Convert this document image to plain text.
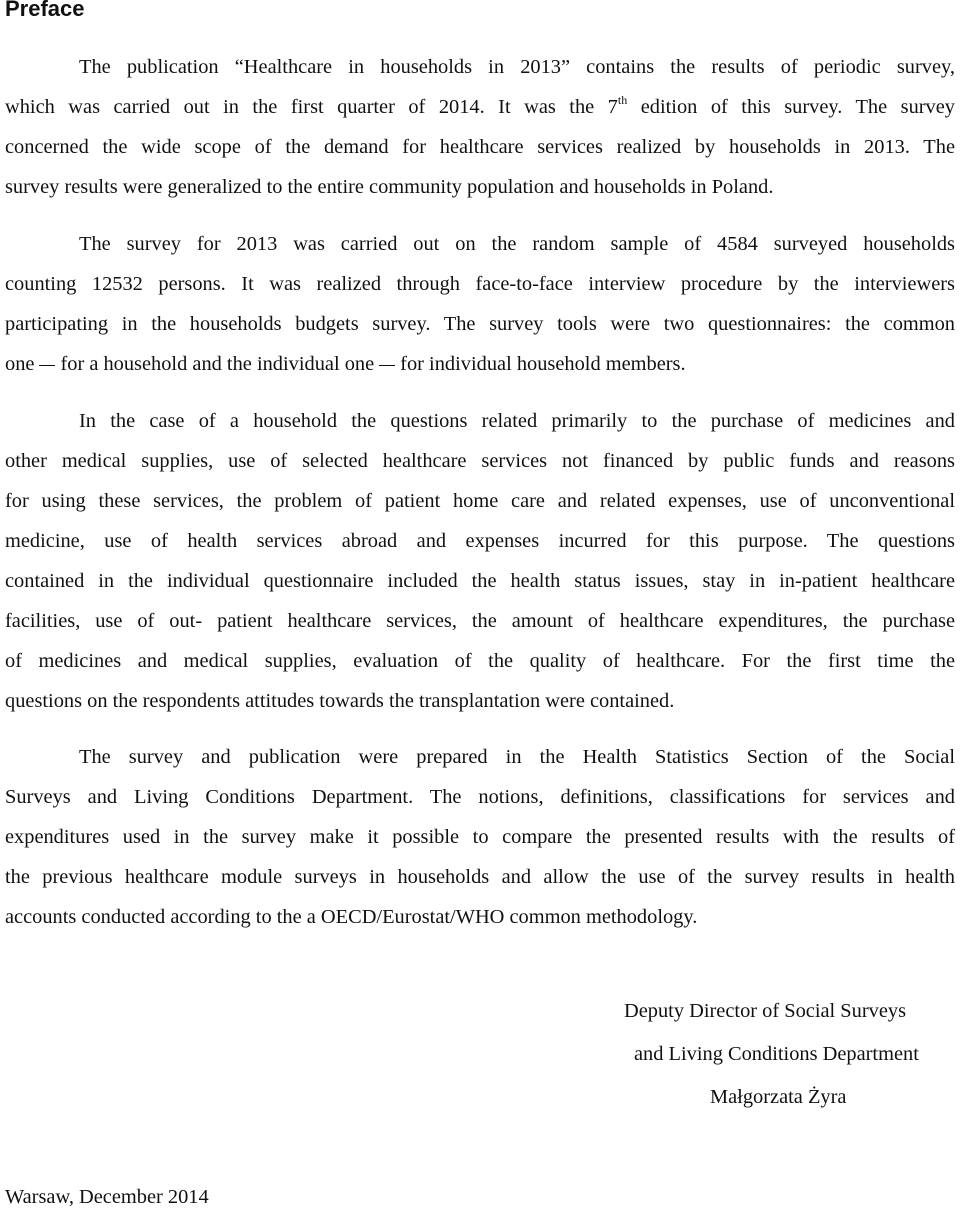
Preface
The publication “Healthcare in households in 2013” contains the results of periodic survey,
which was carried out in the first quarter of 2014. It was the 7th edition of this survey. The survey
concerned the wide scope of the demand for healthcare services realized by households in 2013. The
survey results were generalized to the entire community population and households in Poland.
The survey for 2013 was carried out on the random sample of 4584 surveyed households
counting 12532 persons. It was realized through face-to-face interview procedure by the interviewers
participating in the households budgets survey. The survey tools were two questionnaires: the common
one for a household and the individual one for individual household members.
In the case of a household the questions related primarily to the purchase of medicines and
other medical supplies, use of selected healthcare services not financed by public funds and reasons
for using these services, the problem of patient home care and related expenses, use of unconventional
medicine, use of health services abroad and expenses incurred for this purpose. The questions
contained in the individual questionnaire included the health status issues, stay in in-patient healthcare
facilities, use of out- patient healthcare services, the amount of healthcare expenditures, the purchase
of medicines and medical supplies, evaluation of the quality of healthcare. For the first time the
questions on the respondents attitudes towards the transplantation were contained.
The survey and publication were prepared in the Health Statistics Section of the Social
Surveys and Living Conditions Department. The notions, definitions, classifications for services and
expenditures used in the survey make it possible to compare the presented results with the results of
the previous healthcare module surveys in households and allow the use of the survey results in health
accounts conducted according to the a OECD/Eurostat/WHO common methodology.
Deputy Director of Social Surveys
and Living Conditions Department
Małgorzata Żyra
Warsaw, December 2014
